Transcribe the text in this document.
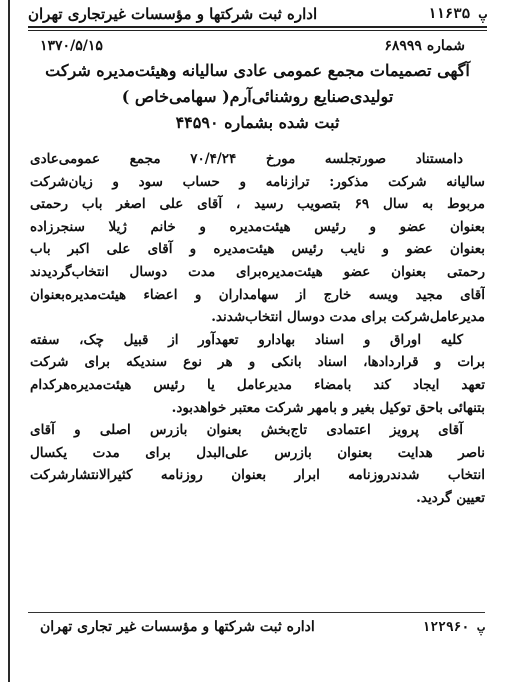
پ ۱۱۶۳۵
اداره ثبت شرکتها و مؤسسات غیرتجاری تهران
شماره ۶۸۹۹۹
۱۳۷۰/۵/۱۵
آگهی تصمیمات مجمع عمومی عادی سالیانه وهیئت‌مدیره شرکت
تولیدی‌صنایع روشنائی‌آرم( سهامی‌خاص )
ثبت شده بشماره ۴۴۵۹۰
دامستناد صورتجلسه مورخ ۷۰/۴/۲۴ مجمع عمومی‌عادی
سالیانه شرکت مذکور: ترازنامه و حساب سود و زیان‌شرکت
مربوط به سال ۶۹ بتصویب رسید ، آقای علی اصغر باب رحمتی
بعنوان عضو و رئیس هیئت‌مدیره و خانم ژیلا سنجرزاده
بعنوان عضو و نایب رئیس هیئت‌مدیره و آقای علی اکبر باب
رحمتی بعنوان عضو هیئت‌مدیره‌برای مدت دوسال انتخاب‌گردیدند
آقای مجید ویسه خارج از سهامداران و اعضاء هیئت‌مدیره‌بعنوان
مدیرعامل‌شرکت برای مدت دوسال انتخاب‌شدند.
کلیه اوراق و اسناد بهادارو تعهدآور از قبیل چک، سفته
برات و قراردادها، اسناد بانکی و هر نوع سندیکه برای شرکت
تعهد ایجاد کند بامضاء مدیرعامل یا رئیس هیئت‌مدیره‌هرکدام
بتنهائی باحق توکیل بغیر و بامهر شرکت معتبر خواهدبود.
آقای پرویز اعتمادی تاج‌بخش بعنوان بازرس اصلی و آقای
ناصر هدایت بعنوان بازرس علی‌البدل برای مدت یکسال
انتخاب شدندروزنامه ابرار بعنوان روزنامه کثیرالانتشارشرکت
تعیین گردید.
پ ۱۲۲۹۶۰
اداره ثبت شرکتها و مؤسسات غیر تجاری تهران
